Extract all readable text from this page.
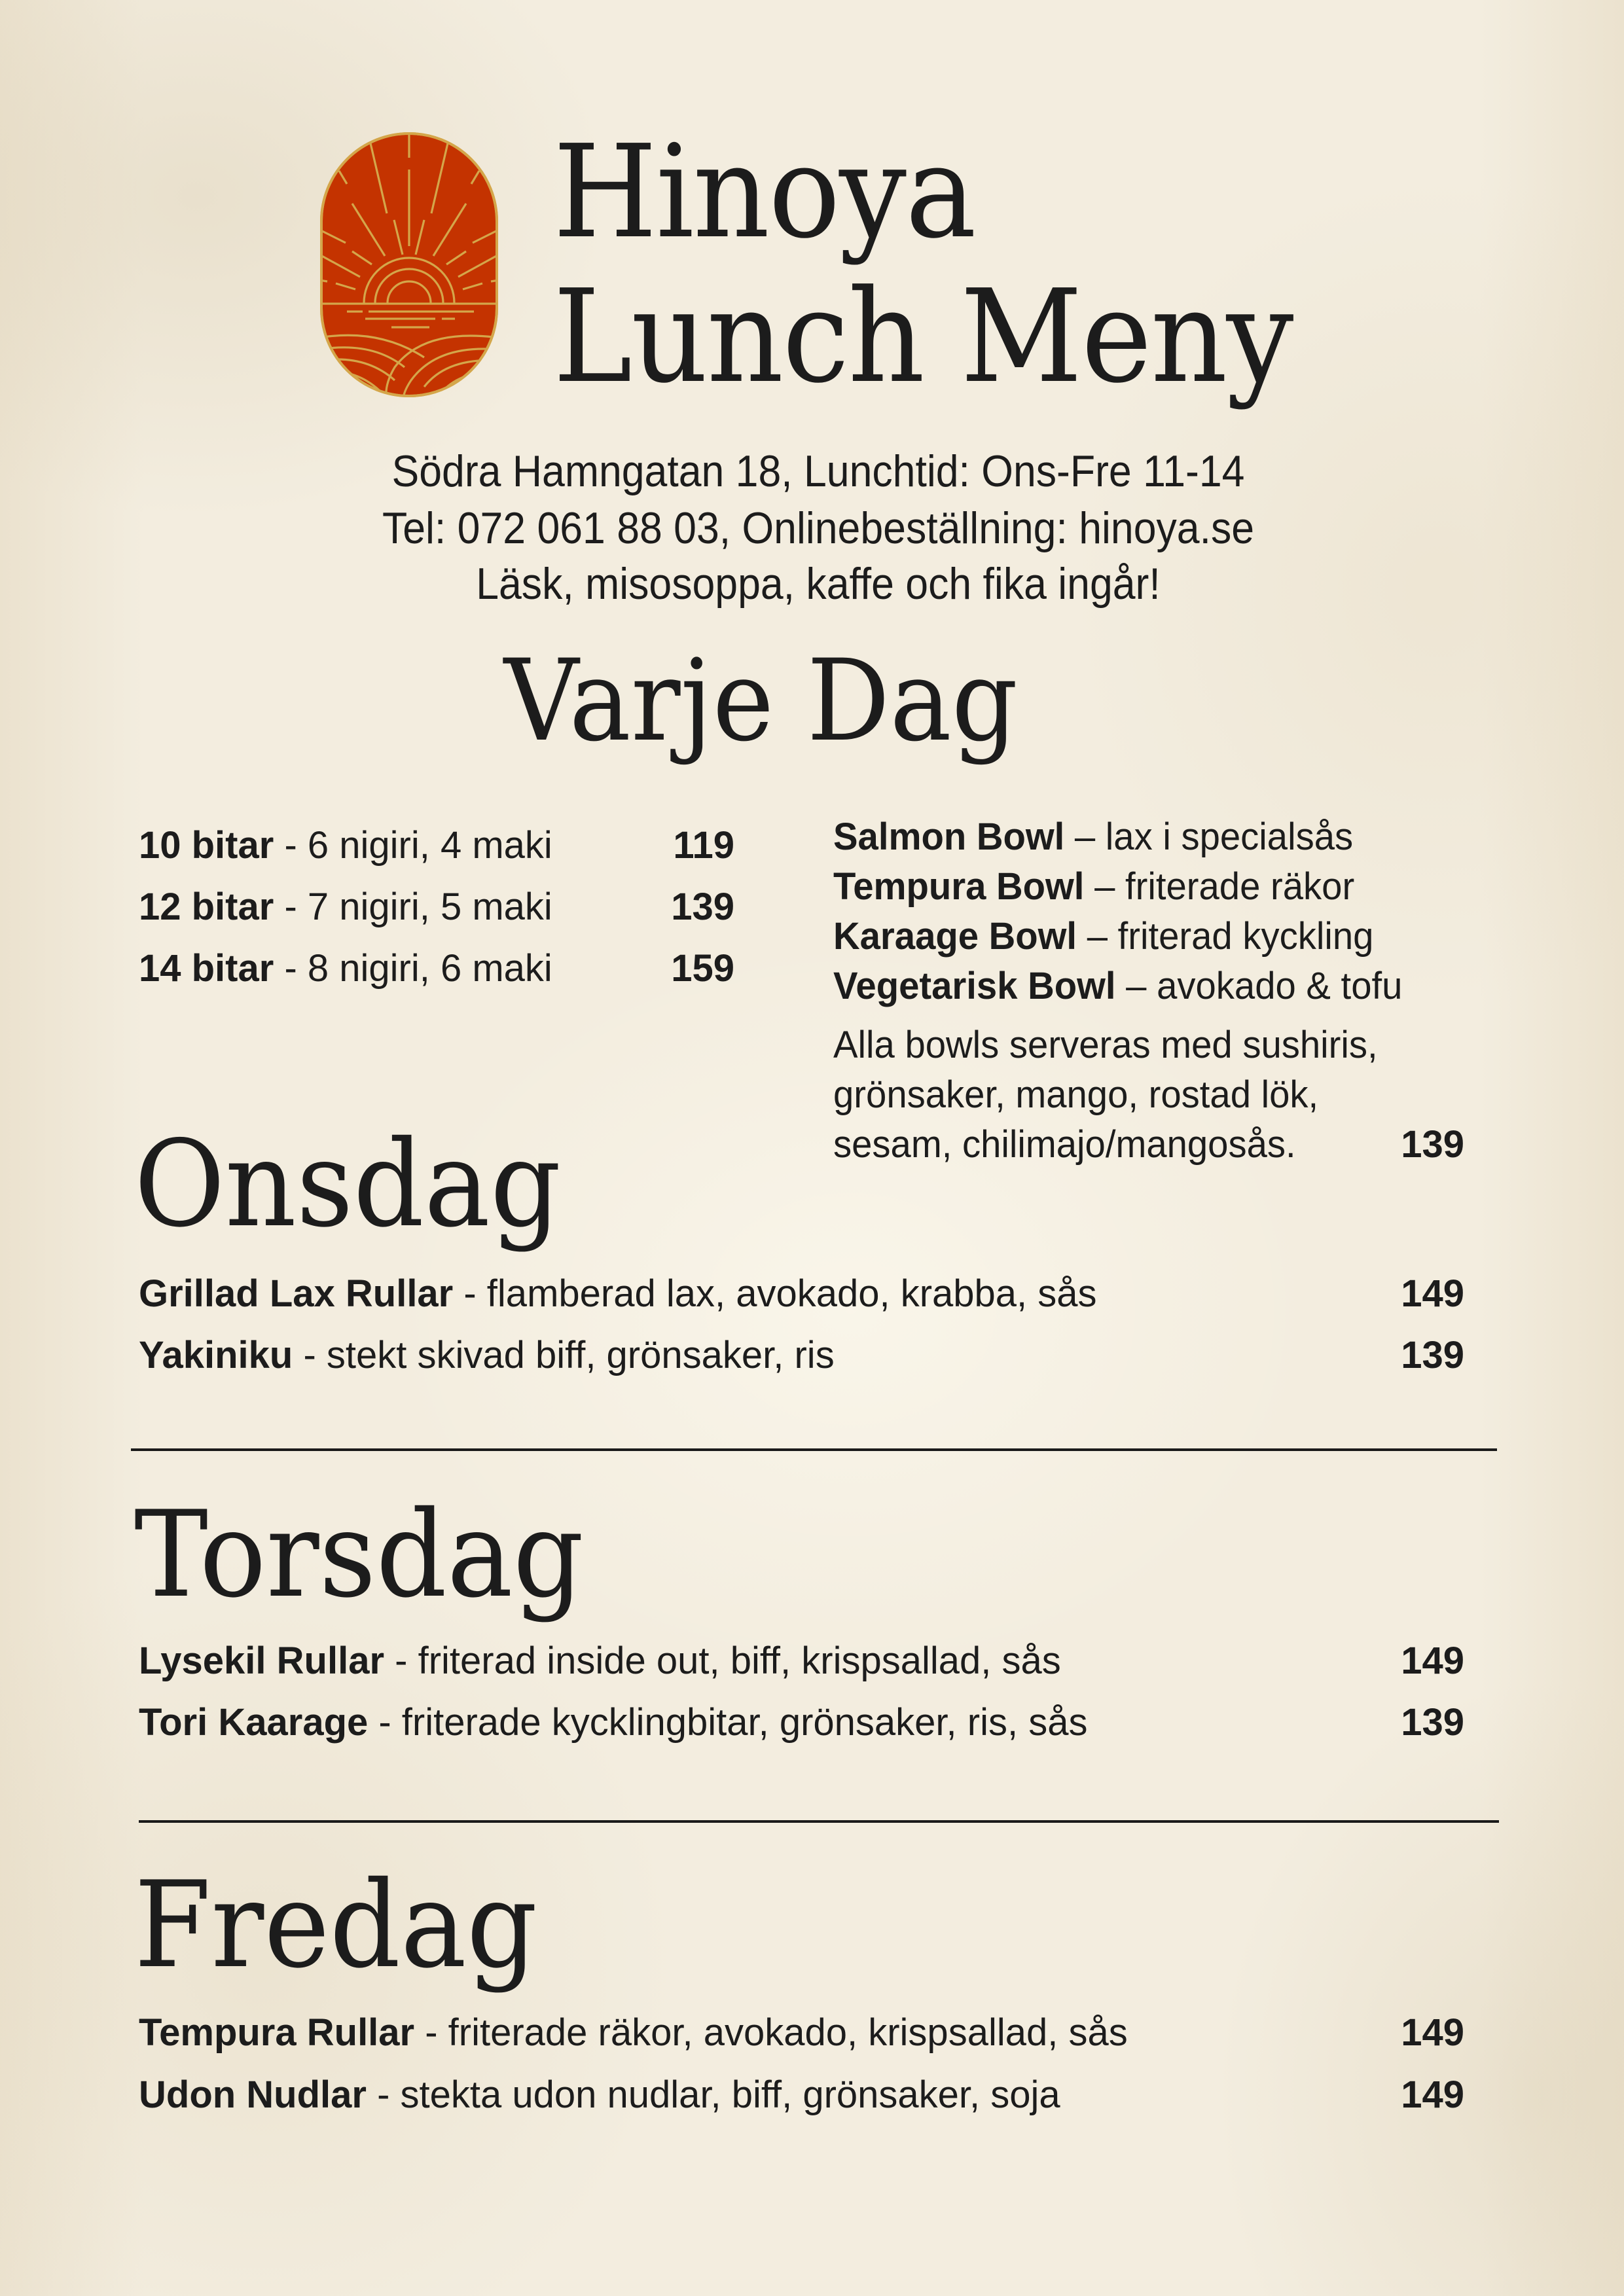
Hinoya
Lunch Meny
Södra Hamngatan 18, Lunchtid: Ons-Fre 11-14
Tel: 072 061 88 03, Onlinebeställning: hinoya.se
Läsk, misosoppa, kaffe och fika ingår!
Varje Dag
10 bitar - 6 nigiri, 4 maki	119
12 bitar - 7 nigiri, 5 maki	139
14 bitar - 8 nigiri, 6 maki	159
Salmon Bowl – lax i specialsås
Tempura Bowl – friterade räkor
Karaage Bowl – friterad kyckling
Vegetarisk Bowl – avokado & tofu
Alla bowls serveras med sushiris,
grönsaker, mango, rostad lök,
sesam, chilimajo/mangosås.	139
Onsdag
Grillad Lax Rullar - flamberad lax, avokado, krabba, sås	149
Yakiniku - stekt skivad biff, grönsaker, ris	139
Torsdag
Lysekil Rullar - friterad inside out, biff, krispsallad, sås	149
Tori Kaarage - friterade kycklingbitar, grönsaker, ris, sås	139
Fredag
Tempura Rullar - friterade räkor, avokado, krispsallad, sås	149
Udon Nudlar - stekta udon nudlar, biff, grönsaker, soja	149
